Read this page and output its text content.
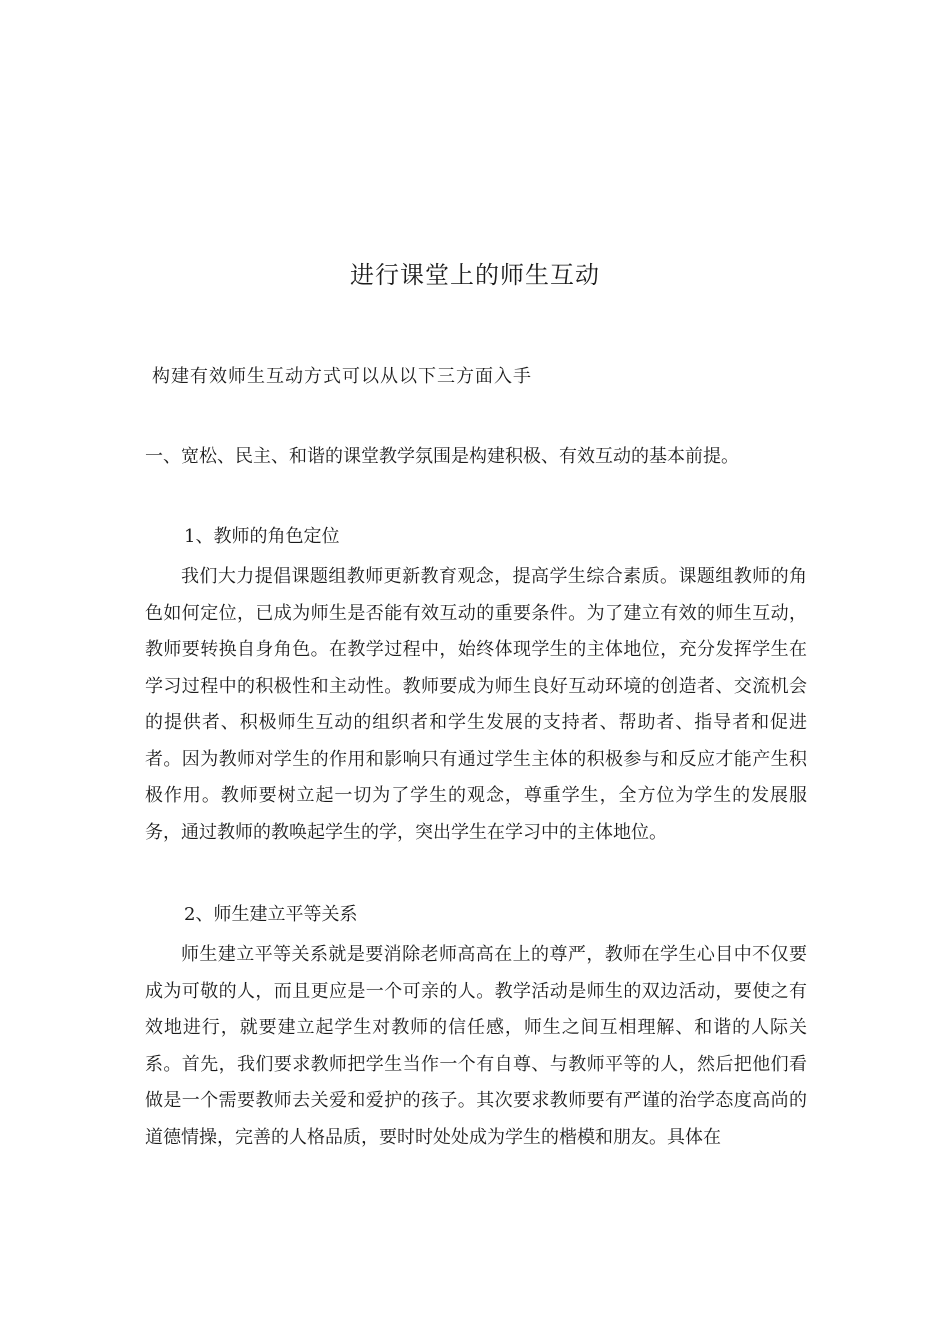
进行课堂上的师生互动
构建有效师生互动方式可以从以下三方面入手
一、宽松、民主、和谐的课堂教学氛围是构建积极、有效互动的基本前提。
1、教师的角色定位

我们大力提倡课题组教师更新教育观念，提高学生综合素质。课题组教师的角色如何定位，已成为师生是否能有效互动的重要条件。为了建立有效的师生互动，教师要转换自身角色。在教学过程中，始终体现学生的主体地位，充分发挥学生在学习过程中的积极性和主动性。教师要成为师生良好互动环境的创造者、交流机会的提供者、积极师生互动的组织者和学生发展的支持者、帮助者、指导者和促进者。因为教师对学生的作用和影响只有通过学生主体的积极参与和反应才能产生积极作用。教师要树立起一切为了学生的观念，尊重学生，全方位为学生的发展服务，通过教师的教唤起学生的学，突出学生在学习中的主体地位。

2、师生建立平等关系

师生建立平等关系就是要消除老师高高在上的尊严，教师在学生心目中不仅要成为可敬的人，而且更应是一个可亲的人。教学活动是师生的双边活动，要使之有效地进行，就要建立起学生对教师的信任感，师生之间互相理解、和谐的人际关系。首先，我们要求教师把学生当作一个有自尊、与教师平等的人，然后把他们看做是一个需要教师去关爱和爱护的孩子。其次要求教师要有严谨的治学态度高尚的道德情操，完善的人格品质，要时时处处成为学生的楷模和朋友。具体在
